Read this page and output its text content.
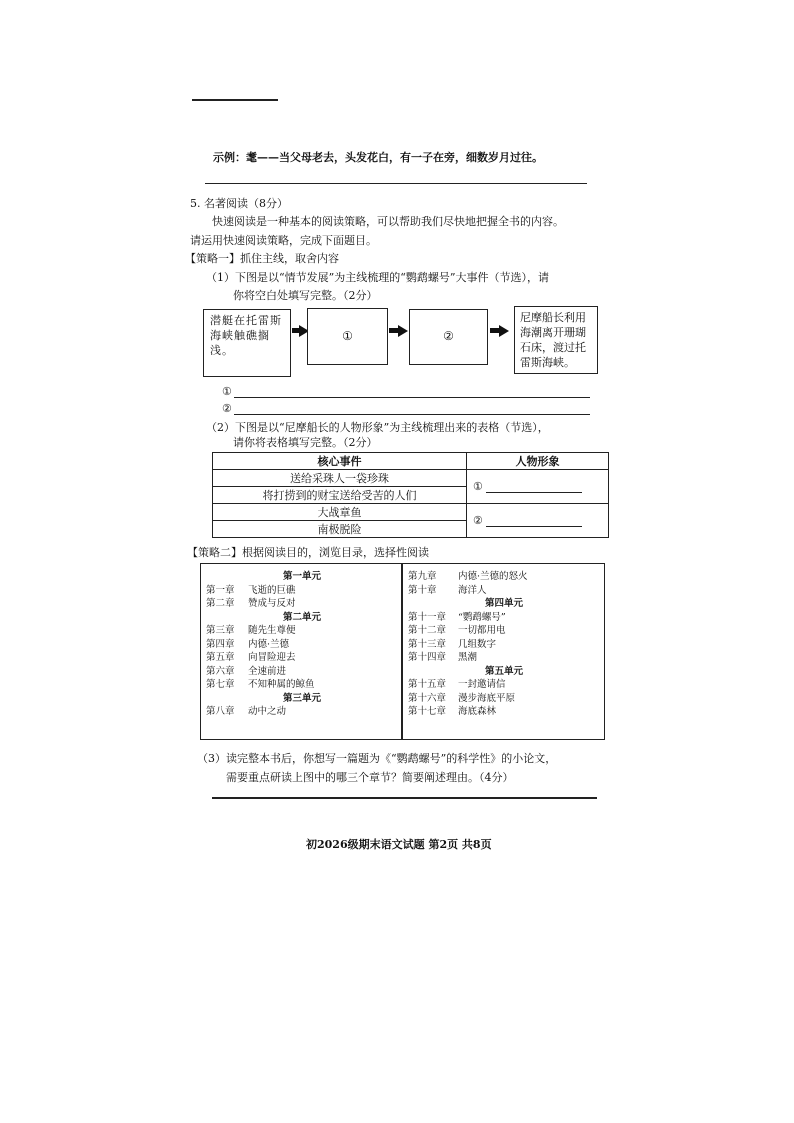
示例：耄——当父母老去，头发花白，有一子在旁，细数岁月过往。
5. 名著阅读（8分）
快速阅读是一种基本的阅读策略，可以帮助我们尽快地把握全书的内容。
请运用快速阅读策略，完成下面题目。
【策略一】抓住主线，取舍内容
（1）下图是以“情节发展”为主线梳理的“鹦鹉螺号”大事件（节选），请
你将空白处填写完整。（2分）
潜艇在托雷斯海峡触礁搁浅。
①	②
尼摩船长利用海潮离开珊瑚石床，渡过托雷斯海峡。
①
②
（2）下图是以“尼摩船长的人物形象”为主线梳理出来的表格（节选），
请你将表格填写完整。（2分）
核心事件	人物形象
送给采珠人一袋珍珠	①
将打捞到的财宝送给受苦的人们	
大战章鱼	②
南极脱险	
【策略二】根据阅读目的，浏览目录，选择性阅读
第一单元
第一章 飞逝的巨礁
第二章 赞成与反对
第二单元
第三章 随先生尊便
第四章 内德·兰德
第五章 向冒险迎去
第六章 全速前进
第七章 不知种属的鲸鱼
第三单元
第八章 动中之动
第九章 内德·兰德的怒火
第十章 海洋人
第四单元
第十一章 “鹦鹉螺号”
第十二章 一切都用电
第十三章 几组数字
第十四章 黑潮
第五单元
第十五章 一封邀请信
第十六章 漫步海底平原
第十七章 海底森林
（3）读完整本书后，你想写一篇题为《“鹦鹉螺号”的科学性》的小论文，
需要重点研读上图中的哪三个章节？简要阐述理由。（4分）
初2026级期末语文试题 第2页 共8页
